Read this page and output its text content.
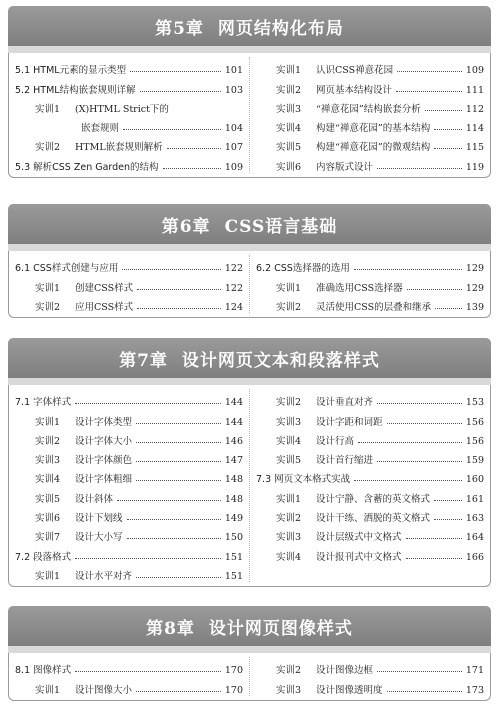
第5章 网页结构化布局
5.1 HTML元素的显示类型	101
5.2 HTML结构嵌套规则详解	103
实训1	(X)HTML Strict下的
嵌套规则	104
实训2	HTML嵌套规则解析	107
5.3 解析CSS Zen Garden的结构	109
实训1	认识CSS禅意花园	109
实训2	网页基本结构设计	111
实训3	“禅意花园”结构嵌套分析	112
实训4	构建“禅意花园”的基本结构	114
实训5	构建“禅意花园”的微观结构	115
实训6	内容版式设计	119
第6章 CSS语言基础
6.1 CSS样式创建与应用	122
实训1	创建CSS样式	122
实训2	应用CSS样式	124
6.2 CSS选择器的选用	129
实训1	准确选用CSS选择器	129
实训2	灵活使用CSS的层叠和继承	139
第7章 设计网页文本和段落样式
7.1 字体样式	144
实训1	设计字体类型	144
实训2	设计字体大小	146
实训3	设计字体颜色	147
实训4	设计字体粗细	148
实训5	设计斜体	148
实训6	设计下划线	149
实训7	设计大小写	150
7.2 段落格式	151
实训1	设计水平对齐	151
实训2	设计垂直对齐	153
实训3	设计字距和词距	156
实训4	设计行高	156
实训5	设计首行缩进	159
7.3 网页文本格式实战	160
实训1	设计宁静、含蓄的英文格式	161
实训2	设计干练、洒脱的英文格式	163
实训3	设计层级式中文格式	164
实训4	设计报刊式中文格式	166
第8章 设计网页图像样式
8.1 图像样式	170
实训1	设计图像大小	170
实训2	设计图像边框	171
实训3	设计图像透明度	173
